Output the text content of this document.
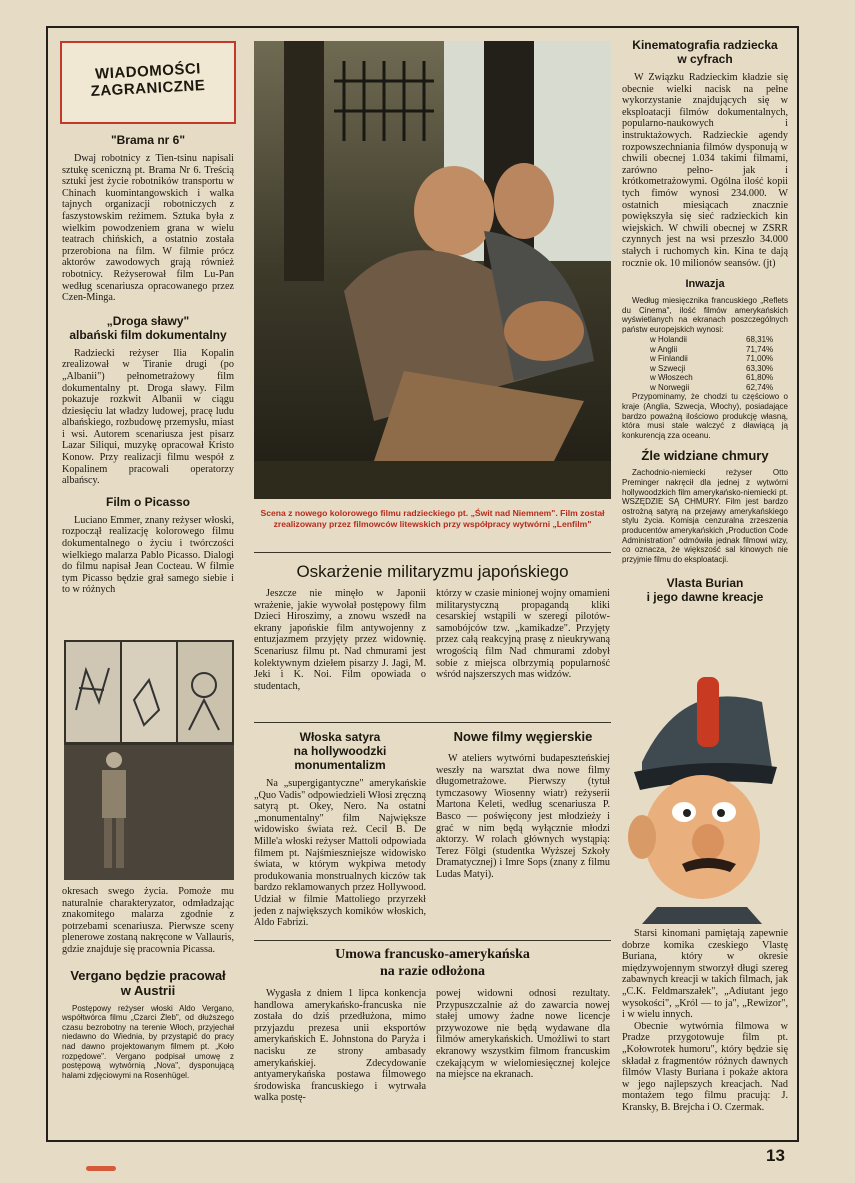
WIADOMOŚCI
ZAGRANICZNE
"Brama nr 6"

Dwaj robotnicy z Tien-tsinu napisali sztukę sceniczną pt. Brama Nr 6. Treścią sztuki jest życie robotników transportu w Chinach kuomintangowskich i walka tajnych organizacji robotniczych z faszystowskim reżimem. Sztuka była z wielkim powodzeniem grana w wielu teatrach chińskich, a ostatnio została przerobiona na film. W filmie prócz aktorów zawodowych grają również robotnicy. Reżyserował film Lu-Pan według scenariusza opracowanego przez Czen-Minga.

„Droga sławy"
albański film dokumentalny

Radziecki reżyser Ilia Kopalin zrealizował w Tiranie drugi (po „Albanii") pełnometrażowy film dokumentalny pt. Droga sławy. Film pokazuje rozkwit Albanii w ciągu dziesięciu lat władzy ludowej, pracę ludu albańskiego, rozbudowę przemysłu, miast i wsi. Autorem scenariusza jest pisarz Lazar Siliqui, muzykę opracował Kristo Konow. Przy realizacji filmu wespół z Kopalinem pracowali operatorzy albańscy.

Film o Picasso

Luciano Emmer, znany reżyser włoski, rozpoczął realizację kolorowego filmu dokumentalnego o życiu i twórczości wielkiego malarza Pablo Picasso. Dialogi do filmu napisał Jean Cocteau. W filmie tym Picasso będzie grał samego siebie i to w różnych

okresach swego życia. Pomoże mu naturalnie charakteryzator, odmładzając znakomitego malarza zgodnie z potrzebami scenariusza. Pierwsze sceny plenerowe zostaną nakręcone w Vallauris, gdzie znajduje się pracownia Picassa.

Vergano będzie pracował
w Austrii

Postępowy reżyser włoski Aldo Vergano, współtwórca filmu „Czarci Żleb", od dłuższego czasu bezrobotny na terenie Włoch, przyjechał niedawno do Wiednia, by przystąpić do pracy nad dawno projektowanym filmem pt. „Koło rozpędowe". Vergano podpisał umowę z postępową wytwórnią „Nova", dysponującą halami zdjęciowymi na Rosenhügel.

Scena z nowego kolorowego filmu radzieckiego pt. „Świt nad Niemnem". Film został zrealizowany przez filmowców litewskich przy współpracy wytwórni „Lenfilm"
Oskarżenie militaryzmu japońskiego

Jeszcze nie minęło w Japonii wrażenie, jakie wywołał postępowy film Dzieci Hiroszimy, a znowu wszedł na ekrany japońskie film antywojenny z entuzjazmem przyjęty przez widownię. Scenariusz filmu pt. Nad chmurami jest kolektywnym dziełem pisarzy J. Jagi, M. Jeki i K. Noi. Film opowiada o studentach,

którzy w czasie minionej wojny omamieni militarystyczną propagandą kliki cesarskiej wstąpili w szeregi pilotów-samobójców tzw. „kamikadze". Przyjęty przez całą reakcyjną prasę z nieukrywaną wrogością film Nad chmurami zdobył sobie z miejsca olbrzymią popularność wśród najszerszych mas widzów.

Włoska satyra
na hollywoodzki monumentalizm

Na „supergigantyczne" amerykańskie „Quo Vadis" odpowiedzieli Włosi zręczną satyrą pt. Okey, Nero. Na ostatni „monumentalny" film Największe widowisko świata reż. Cecil B. De Mille'a włoski reżyser Mattoli odpowiada filmem pt. Najśmieszniejsze widowisko świata, w którym wykpiwa metody produkowania monstrualnych kiczów tak bardzo reklamowanych przez Hollywood. Udział w filmie Mattoliego przyrzekł jeden z największych komików włoskich, Aldo Fabrizi.

Nowe filmy węgierskie

W ateliers wytwórni budapeszteńskiej weszły na warsztat dwa nowe filmy długometrażowe. Pierwszy (tytuł tymczasowy Wiosenny wiatr) reżyserii Martona Keleti, według scenariusza P. Basco — poświęcony jest młodzieży i grać w nim będą wyłącznie młodzi aktorzy. W rolach głównych wystąpią: Terez Fölgi (studentka Wyższej Szkoły Dramatycznej) i Imre Sops (znany z filmu Ludas Matyi).

Umowa francusko-amerykańska
na razie odłożona

Wygasła z dniem 1 lipca konkencja handlowa amerykańsko-francuska nie została do dziś przedłużona, mimo przyjazdu prezesa unii eksportów amerykańskich E. Johnstona do Paryża i nacisku ze strony ambasady amerykańskiej. Zdecydowanie antyamerykańska postawa filmowego środowiska francuskiego i wytrwała walka postę-

powej widowni odnosi rezultaty. Przypuszczalnie aż do zawarcia nowej stałej umowy żadne nowe licencje przywozowe nie będą wydawane dla filmów amerykańskich. Umożliwi to start ekranowy wszystkim filmom francuskim czekającym w wielomiesięcznej kolejce na miejsce na ekranach.

Kinematografia radziecka
w cyfrach

W Związku Radzieckim kładzie się obecnie wielki nacisk na pełne wykorzystanie znajdujących się w eksploatacji filmów dokumentalnych, popularno-naukowych i instruktażowych. Radzieckie agendy rozpowszechniania filmów dysponują w chwili obecnej 1.034 takimi filmami, zarówno pełno- jak i krótkometrażowymi. Ogólna ilość kopii tych fimów wynosi 234.000. W ostatnich miesiącach znacznie powiększyła się sieć radzieckich kin wiejskich. W chwili obecnej w ZSRR czynnych jest na wsi przeszło 34.000 stałych i ruchomych kin. Kina te dają rocznie ok. 10 milionów seansów. (jt)

Inwazja

Według miesięcznika francuskiego „Reflets du Cinema", ilość filmów amerykańskich wyświetlanych na ekranach poszczególnych państw europejskich wynosi:

w Holandii	68,31%
w Anglii	71,74%
w Finlandii	71,00%
w Szwecji	63,30%
w Włoszech	61,80%
w Norwegii	62,74%

Przypominamy, że chodzi tu częściowo o kraje (Anglia, Szwecja, Włochy), posiadające bardzo poważną ilościowo produkcję własną, która musi stale walczyć z dławiącą ją konkurencją zza oceanu.

Źle widziane chmury

Zachodnio-niemiecki reżyser Otto Preminger nakręcił dla jednej z wytwórni hollywoodzkich film amerykańsko-niemiecki pt. WSZĘDZIE SĄ CHMURY. Film jest bardzo ostrożną satyrą na przejawy amerykańskiego stylu życia. Komisja cenzuralna zrzeszenia producentów amerykańskich „Production Code Administration" odmówiła jednak filmowi wizy, co oznacza, że większość sal kinowych nie przyjmie filmu do eksploatacji.

Vlasta Burian
i jego dawne kreacje

Starsi kinomani pamiętają zapewnie dobrze komika czeskiego Vlastę Buriana, który w okresie międzywojennym stworzył długi szereg zabawnych kreacji w takich filmach, jak „C.K. Feldmarszałek", „Adiutant jego wysokości", „Król — to ja", „Rewizor", i w wielu innych.

Obecnie wytwórnia filmowa w Pradze przygotowuje film pt. „Kołowrotek humoru", który będzie się składał z fragmentów różnych dawnych filmów Vlasty Buriana i pokaże aktora w jego najlepszych kreacjach. Nad montażem tego filmu pracują: J. Kransky, B. Brejcha i O. Czermak.

13
